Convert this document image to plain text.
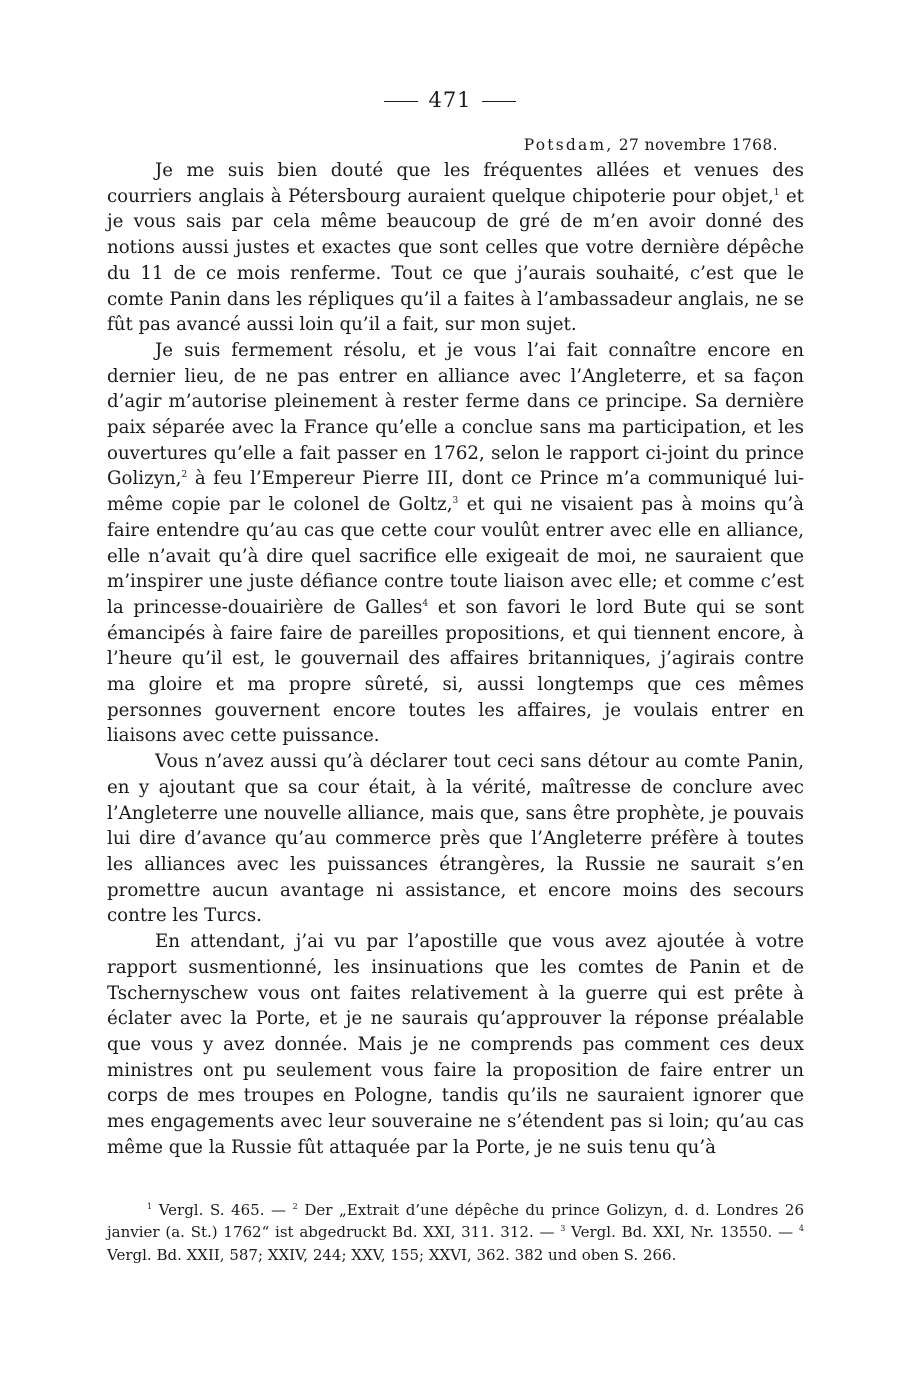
471
Potsdam, 27 novembre 1768.

Je me suis bien douté que les fréquentes allées et venues des courriers anglais à Pétersbourg auraient quelque chipoterie pour objet,$^1$ et je vous sais par cela même beaucoup de gré de m’en avoir donné des notions aussi justes et exactes que sont celles que votre dernière dépêche du 11 de ce mois renferme. Tout ce que j’aurais souhaité, c’est que le comte Panin dans les répliques qu’il a faites à l’ambassadeur anglais, ne se fût pas avancé aussi loin qu’il a fait, sur mon sujet.

Je suis fermement résolu, et je vous l’ai fait connaître encore en dernier lieu, de ne pas entrer en alliance avec l’Angleterre, et sa façon d’agir m’autorise pleinement à rester ferme dans ce principe. Sa dernière paix séparée avec la France qu’elle a conclue sans ma participation, et les ouvertures qu’elle a fait passer en 1762, selon le rapport ci-joint du prince Golizyn,$^2$ à feu l’Empereur Pierre III, dont ce Prince m’a communiqué lui-même copie par le colonel de Goltz,$^3$ et qui ne visaient pas à moins qu’à faire entendre qu’au cas que cette cour voulût entrer avec elle en alliance, elle n’avait qu’à dire quel sacrifice elle exigeait de moi, ne sauraient que m’inspirer une juste défiance contre toute liaison avec elle; et comme c’est la princesse-douairière de Galles$^4$ et son favori le lord Bute qui se sont émancipés à faire faire de pareilles propositions, et qui tiennent encore, à l’heure qu’il est, le gouvernail des affaires britanniques, j’agirais contre ma gloire et ma propre sûreté, si, aussi longtemps que ces mêmes personnes gouvernent encore toutes les affaires, je voulais entrer en liaisons avec cette puissance.

Vous n’avez aussi qu’à déclarer tout ceci sans détour au comte Panin, en y ajoutant que sa cour était, à la vérité, maîtresse de conclure avec l’Angleterre une nouvelle alliance, mais que, sans être prophète, je pouvais lui dire d’avance qu’au commerce près que l’Angleterre préfère à toutes les alliances avec les puissances étrangères, la Russie ne saurait s’en promettre aucun avantage ni assistance, et encore moins des secours contre les Turcs.

En attendant, j’ai vu par l’apostille que vous avez ajoutée à votre rapport susmentionné, les insinuations que les comtes de Panin et de Tschernyschew vous ont faites relativement à la guerre qui est prête à éclater avec la Porte, et je ne saurais qu’approuver la réponse préalable que vous y avez donnée. Mais je ne comprends pas comment ces deux ministres ont pu seulement vous faire la proposition de faire entrer un corps de mes troupes en Pologne, tandis qu’ils ne sauraient ignorer que mes engagements avec leur souveraine ne s’étendent pas si loin; qu’au cas même que la Russie fût attaquée par la Porte, je ne suis tenu qu’à

$^1$ Vergl. S. 465. — $^2$ Der „Extrait d’une dépêche du prince Golizyn, d. d. Londres 26 janvier (a. St.) 1762“ ist abgedruckt Bd. XXI, 311. 312. — $^3$ Vergl. Bd. XXI, Nr. 13550. — $^4$ Vergl. Bd. XXII, 587; XXIV, 244; XXV, 155; XXVI, 362. 382 und oben S. 266.
